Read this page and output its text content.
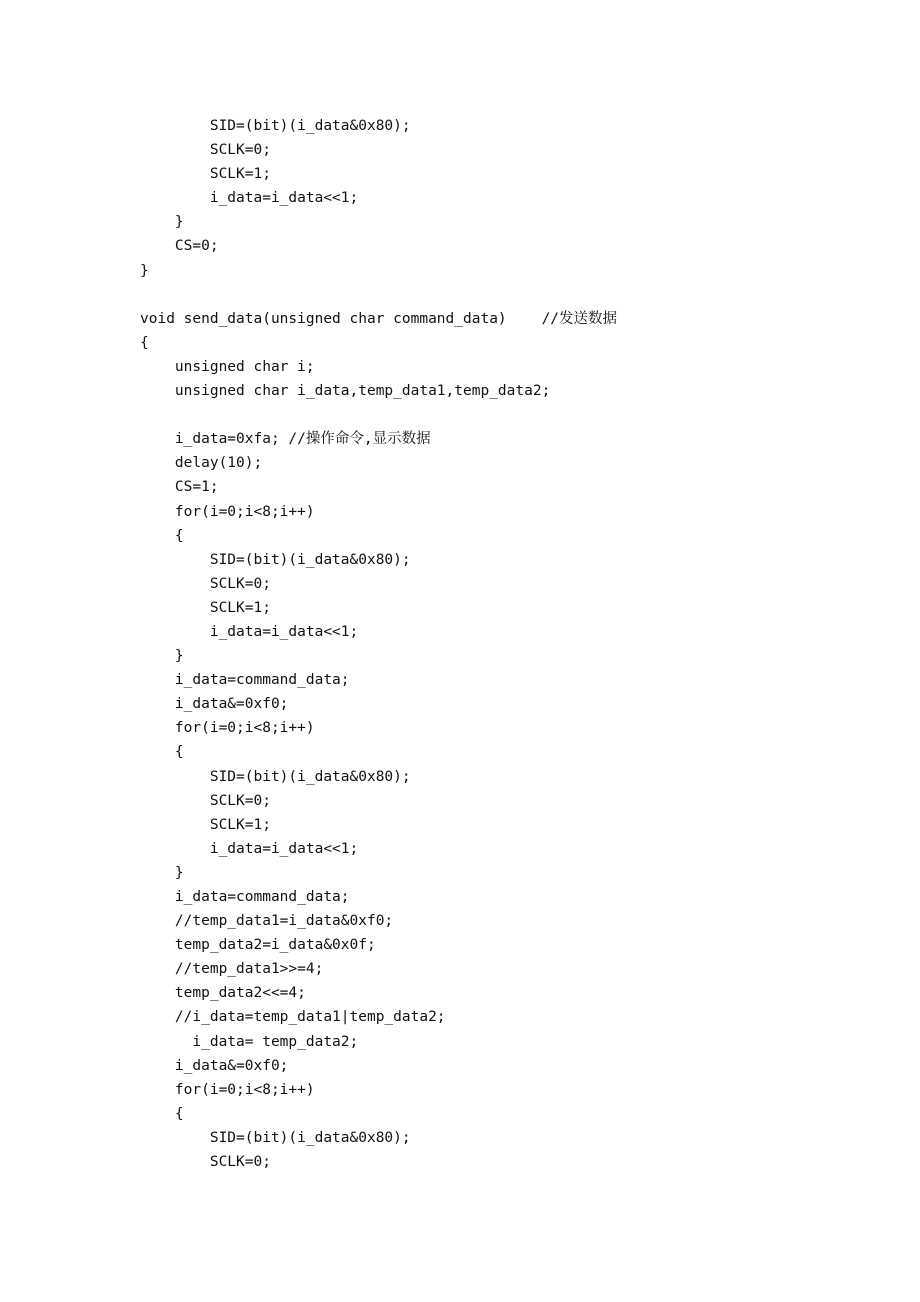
SID=(bit)(i_data&0x80);
SCLK=0;
SCLK=1;
i_data=i_data<<1;
}
CS=0;
}
void send_data(unsigned char command_data)    //发送数据
{
unsigned char i;
unsigned char i_data,temp_data1,temp_data2;
i_data=0xfa; //操作命令,显示数据
delay(10);
CS=1;
for(i=0;i<8;i++)
{
SID=(bit)(i_data&0x80);
SCLK=0;
SCLK=1;
i_data=i_data<<1;
}
i_data=command_data;
i_data&=0xf0;
for(i=0;i<8;i++)
{
SID=(bit)(i_data&0x80);
SCLK=0;
SCLK=1;
i_data=i_data<<1;
}
i_data=command_data;
//temp_data1=i_data&0xf0;
temp_data2=i_data&0x0f;
//temp_data1>>=4;
temp_data2<<=4;
//i_data=temp_data1|temp_data2;
i_data= temp_data2;
i_data&=0xf0;
for(i=0;i<8;i++)
{
SID=(bit)(i_data&0x80);
SCLK=0;
